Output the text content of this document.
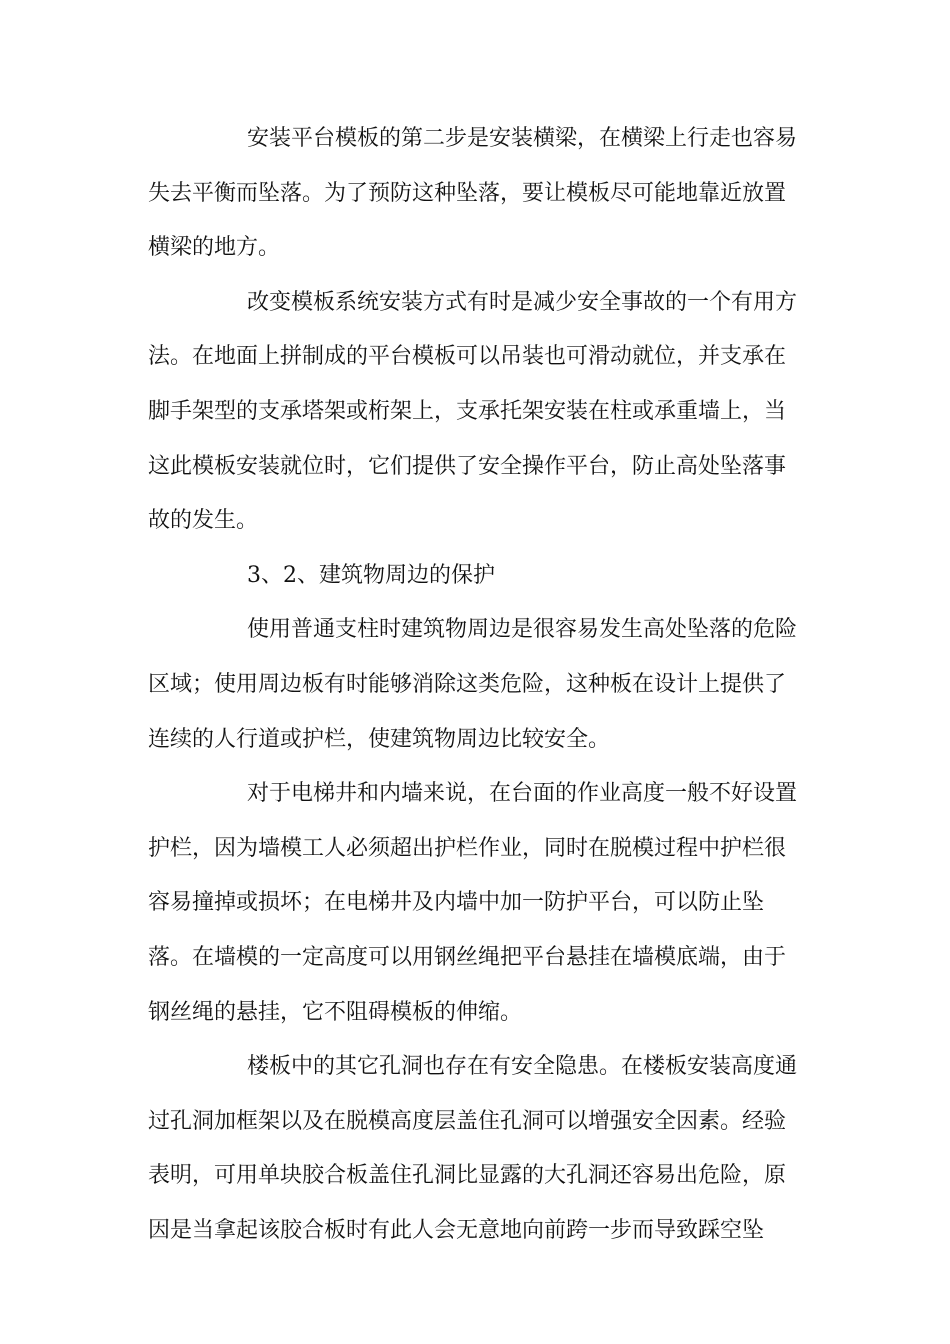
安装平台模板的第二步是安装横梁，在横梁上行走也容易
失去平衡而坠落。为了预防这种坠落，要让模板尽可能地靠近放置
横梁的地方。
改变模板系统安装方式有时是减少安全事故的一个有用方
法。在地面上拼制成的平台模板可以吊装也可滑动就位，并支承在
脚手架型的支承塔架或桁架上，支承托架安装在柱或承重墙上，当
这此模板安装就位时，它们提供了安全操作平台，防止高处坠落事
故的发生。
3、2、建筑物周边的保护
使用普通支柱时建筑物周边是很容易发生高处坠落的危险
区域；使用周边板有时能够消除这类危险，这种板在设计上提供了
连续的人行道或护栏，使建筑物周边比较安全。
对于电梯井和内墙来说，在台面的作业高度一般不好设置
护栏，因为墙模工人必须超出护栏作业，同时在脱模过程中护栏很
容易撞掉或损坏；在电梯井及内墙中加一防护平台，可以防止坠
落。在墙模的一定高度可以用钢丝绳把平台悬挂在墙模底端，由于
钢丝绳的悬挂，它不阻碍模板的伸缩。
楼板中的其它孔洞也存在有安全隐患。在楼板安装高度通
过孔洞加框架以及在脱模高度层盖住孔洞可以增强安全因素。经验
表明，可用单块胶合板盖住孔洞比显露的大孔洞还容易出危险，原
因是当拿起该胶合板时有此人会无意地向前跨一步而导致踩空坠
